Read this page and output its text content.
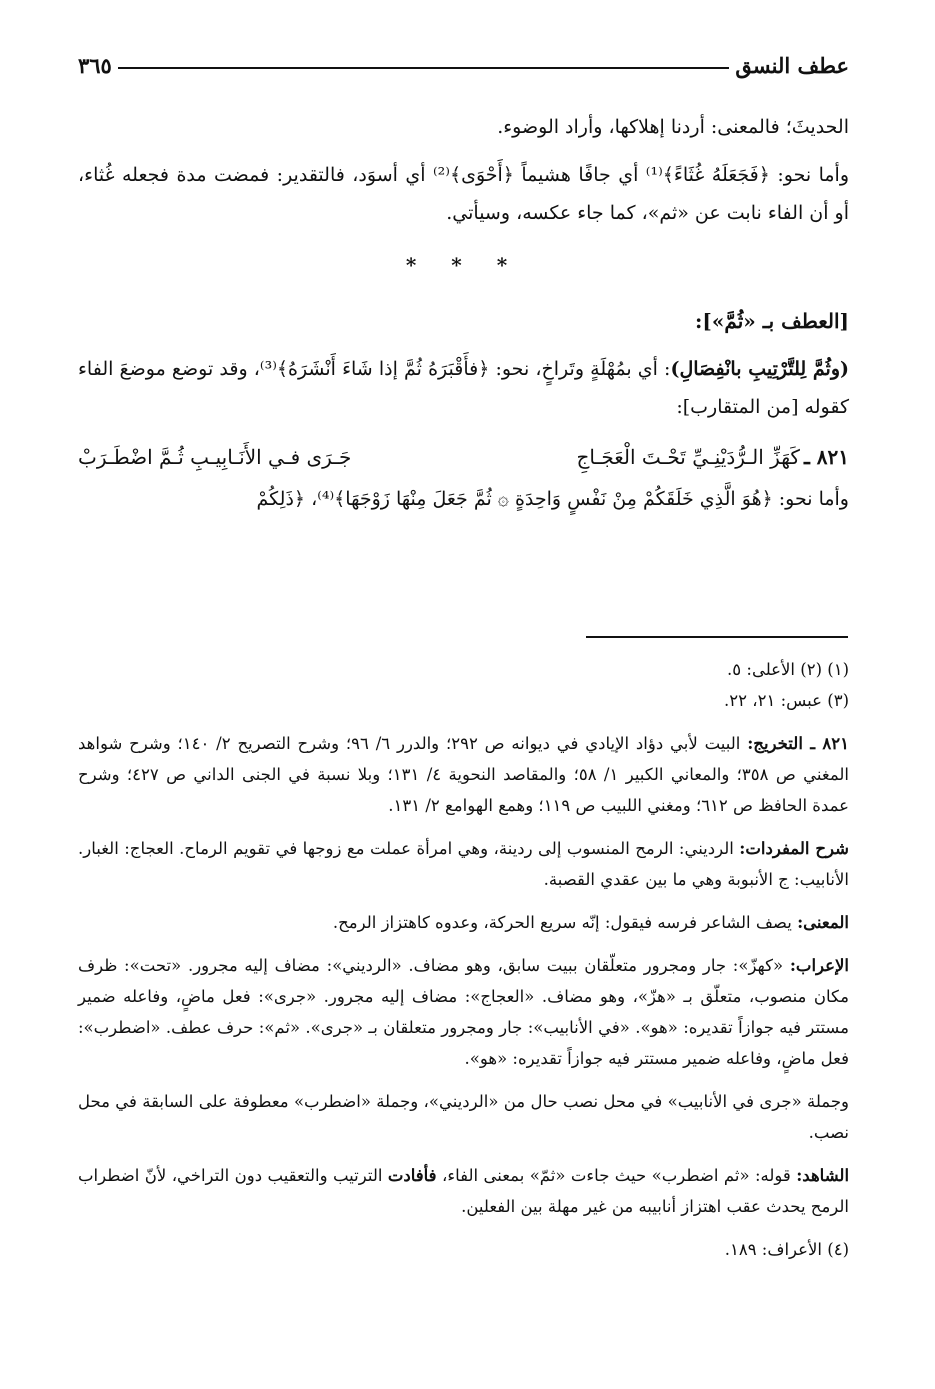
عطف النسق
٣٦٥

الحديثَ؛ فالمعنى: أردنا إهلاكها، وأراد الوضوء.

وأما نحو: ﴿فَجَعَلَهُ غُثَاءً﴾⁽¹⁾ أي جافًا هشيماً ﴿أَحْوَى﴾⁽²⁾ أي أسوَد، فالتقدير: فمضت مدة فجعله غُثاء، أو أن الفاء نابت عن «ثم»، كما جاء عكسه، وسيأتي.

* * *

[العطف بـ «ثُمَّ»]:

(وثُمَّ لِلتَّرْتِيبِ بانْفِصَالِ): أي بمُهْلَةٍ وتَراخٍ، نحو: ﴿فأَقْبَرَهُ ثُمَّ إذا شَاءَ أَنْشَرَهُ﴾⁽³⁾، وقد توضع موضعَ الفاء كقوله [من المتقارب]:

٨٢١ ـ
كَهَزِّ الـرُّدَيْنِـيِّ تَحْـتَ الْعَجَـاجِ
جَـرَى فـي الأَنَـابِيـبِ ثُـمَّ اضْطَـرَبْ

وأما نحو: ﴿هُوَ الَّذِي خَلَقَكُمْ مِنْ نَفْسٍ وَاحِدَةٍ ۞ ثُمَّ جَعَلَ مِنْهَا زَوْجَهَا﴾⁽⁴⁾، ﴿ذَلِكُمْ

(١) (٢) الأعلى: ٥.

(٣) عبس: ٢١، ٢٢.

٨٢١ ـ التخريج: البيت لأبي دؤاد الإيادي في ديوانه ص ٢٩٢؛ والدرر ٦/ ٩٦؛ وشرح التصريح ٢/ ١٤٠؛ وشرح شواهد المغني ص ٣٥٨؛ والمعاني الكبير ١/ ٥٨؛ والمقاصد النحوية ٤/ ١٣١؛ وبلا نسبة في الجنى الداني ص ٤٢٧؛ وشرح عمدة الحافظ ص ٦١٢؛ ومغني اللبيب ص ١١٩؛ وهمع الهوامع ٢/ ١٣١.

شرح المفردات: الرديني: الرمح المنسوب إلى ردينة، وهي امرأة عملت مع زوجها في تقويم الرماح. العجاج: الغبار. الأنابيب: ج الأنبوبة وهي ما بين عقدي القصبة.

المعنى: يصف الشاعر فرسه فيقول: إنّه سريع الحركة، وعدوه كاهتزاز الرمح.

الإعراب: «كهزّ»: جار ومجرور متعلّقان ببيت سابق، وهو مضاف. «الرديني»: مضاف إليه مجرور. «تحت»: ظرف مكان منصوب، متعلّق بـ «هزّ»، وهو مضاف. «العجاج»: مضاف إليه مجرور. «جرى»: فعل ماضٍ، وفاعله ضمير مستتر فيه جوازاً تقديره: «هو». «في الأنابيب»: جار ومجرور متعلقان بـ «جرى». «ثم»: حرف عطف. «اضطرب»: فعل ماضٍ، وفاعله ضمير مستتر فيه جوازاً تقديره: «هو».

وجملة «جرى في الأنابيب» في محل نصب حال من «الرديني»، وجملة «اضطرب» معطوفة على السابقة في محل نصب.

الشاهد: قوله: «ثم اضطرب» حيث جاءت «ثمّ» بمعنى الفاء، فأفادت الترتيب والتعقيب دون التراخي، لأنّ اضطراب الرمح يحدث عقب اهتزاز أنابيبه من غير مهلة بين الفعلين.

(٤) الأعراف: ١٨٩.
